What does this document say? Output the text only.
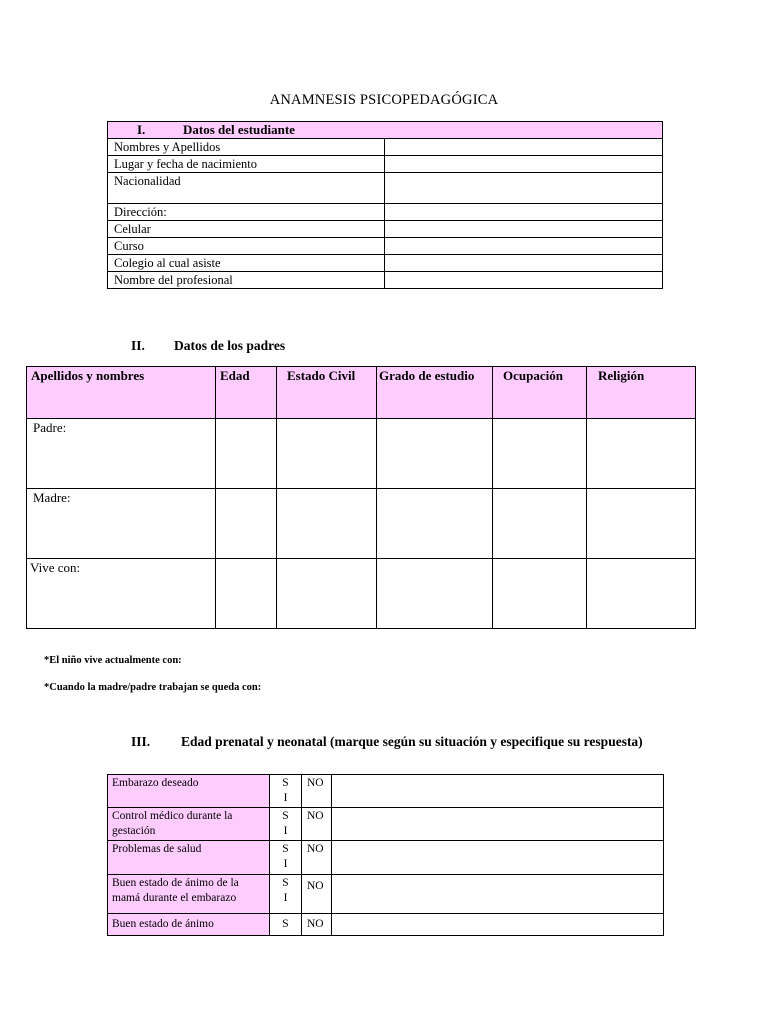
ANAMNESIS PSICOPEDAGÓGICA
I. Datos del estudiante	
Nombres y Apellidos	
Lugar y fecha de nacimiento	
Nacionalidad	
Dirección:	
Celular	
Curso	
Colegio al cual asiste	
Nombre del profesional	
II. Datos de los padres
Apellidos y nombres	Edad	Estado Civil	Grado de estudio	Ocupación	Religión
Padre:					
Madre:					
Vive con:					
*El niño vive actualmente con:
*Cuando la madre/padre trabajan se queda con:
III. Edad prenatal y neonatal (marque según su situación y especifique su respuesta)
Embarazo deseado	SI	NO	
Control médico durante la gestación	SI	NO	
Problemas de salud	SI	NO	
Buen estado de ánimo de la mamá durante el embarazo	SI	NO	
Buen estado de ánimo	S	NO	
